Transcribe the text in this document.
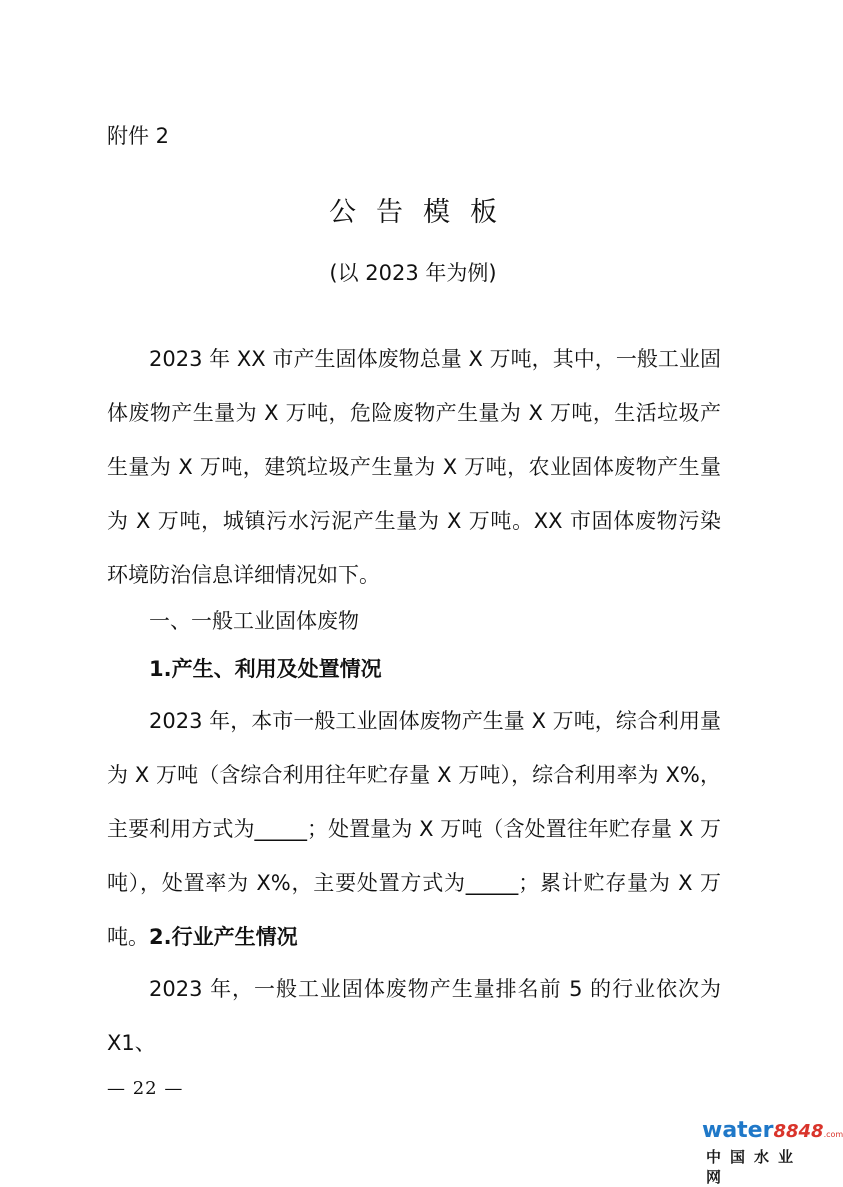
附件 2
公告模板
(以 2023 年为例)
2023 年 XX 市产生固体废物总量 X 万吨，其中，一般工业固体废物产生量为 X 万吨，危险废物产生量为 X 万吨，生活垃圾产生量为 X 万吨，建筑垃圾产生量为 X 万吨，农业固体废物产生量为 X 万吨，城镇污水污泥产生量为 X 万吨。XX 市固体废物污染环境防治信息详细情况如下。
一、一般工业固体废物
1.产生、利用及处置情况
2023 年，本市一般工业固体废物产生量 X 万吨，综合利用量为 X 万吨（含综合利用往年贮存量 X 万吨），综合利用率为 X%，主要利用方式为_____；处置量为 X 万吨（含处置往年贮存量 X 万吨），处置率为 X%，主要处置方式为_____；累计贮存量为 X 万吨。 2.行业产生情况
2023 年，一般工业固体废物产生量排名前 5 的行业依次为 X1、
— 22 —
water8848.com
中国水业网
